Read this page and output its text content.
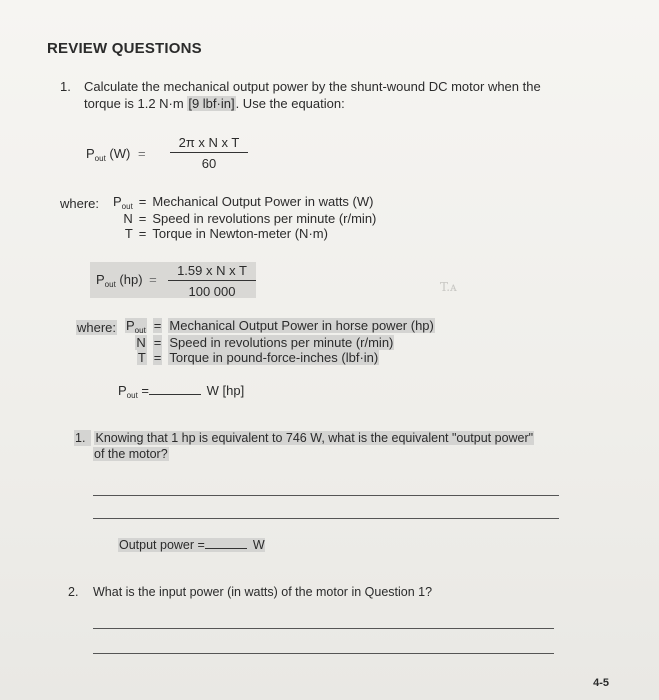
REVIEW QUESTIONS
1. Calculate the mechanical output power by the shunt-wound DC motor when the
torque is 1.2 N·m [9 lbf·in]. Use the equation:
$P_{out}$ $(W) = \frac{\text{2π x N x T}}{60}$
where: $P_{out}$	=	Mechanical Output Power in watts (W)
N	=	Speed in revolutions per minute (r/min)
T	=	Torque in Newton-meter (N·m)
$P_{out}$ $(hp) = \frac{\text{1.59 x N x T}}{100 000}$
where: $P_{out}$	=	Mechanical Output Power in horse power (hp)
N	=	Speed in revolutions per minute (r/min)
T	=	Torque in pound-force-inches (lbf·in)
$P_{out}$ =	W [hp]
1. Knowing that 1 hp is equivalent to 746 W, what is the equivalent "output power"
of the motor?
Output power =	W
2. What is the input power (in watts) of the motor in Question 1?
4-5
T.ᴀ
